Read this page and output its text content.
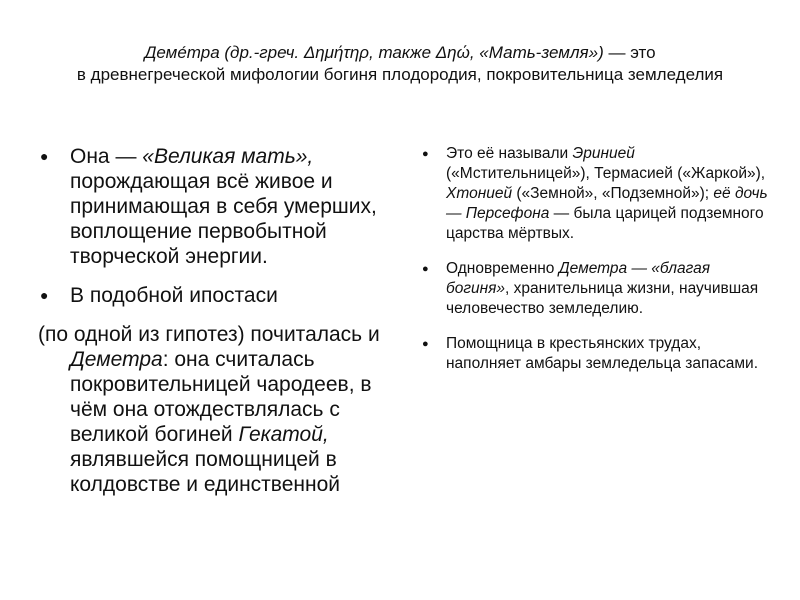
Деме́тра (др.-греч. Δημήτηρ, также Δηώ, «Мать-земля») — это
в древнегреческой мифологии богиня плодородия, покровительница земледелия
● Она — «Великая мать», порождающая всё живое и принимающая в себя умерших, воплощение первобытной творческой энергии.
● В подобной ипостаси
(по одной из гипотез) почиталась и Деметра: она считалась покровительницей чародеев, в чём она отождествлялась с великой богиней Гекатой, являвшейся помощницей в колдовстве и единственной
● Это её называли Эринией («Мстительницей»), Термасией («Жаркой»), Хтонией («Земной», «Подземной»); её дочь — Персефона — была царицей подземного царства мёртвых.
● Одновременно Деметра — «благая богиня», хранительница жизни, научившая человечество земледелию.
● Помощница в крестьянских трудах, наполняет амбары земледельца запасами.
